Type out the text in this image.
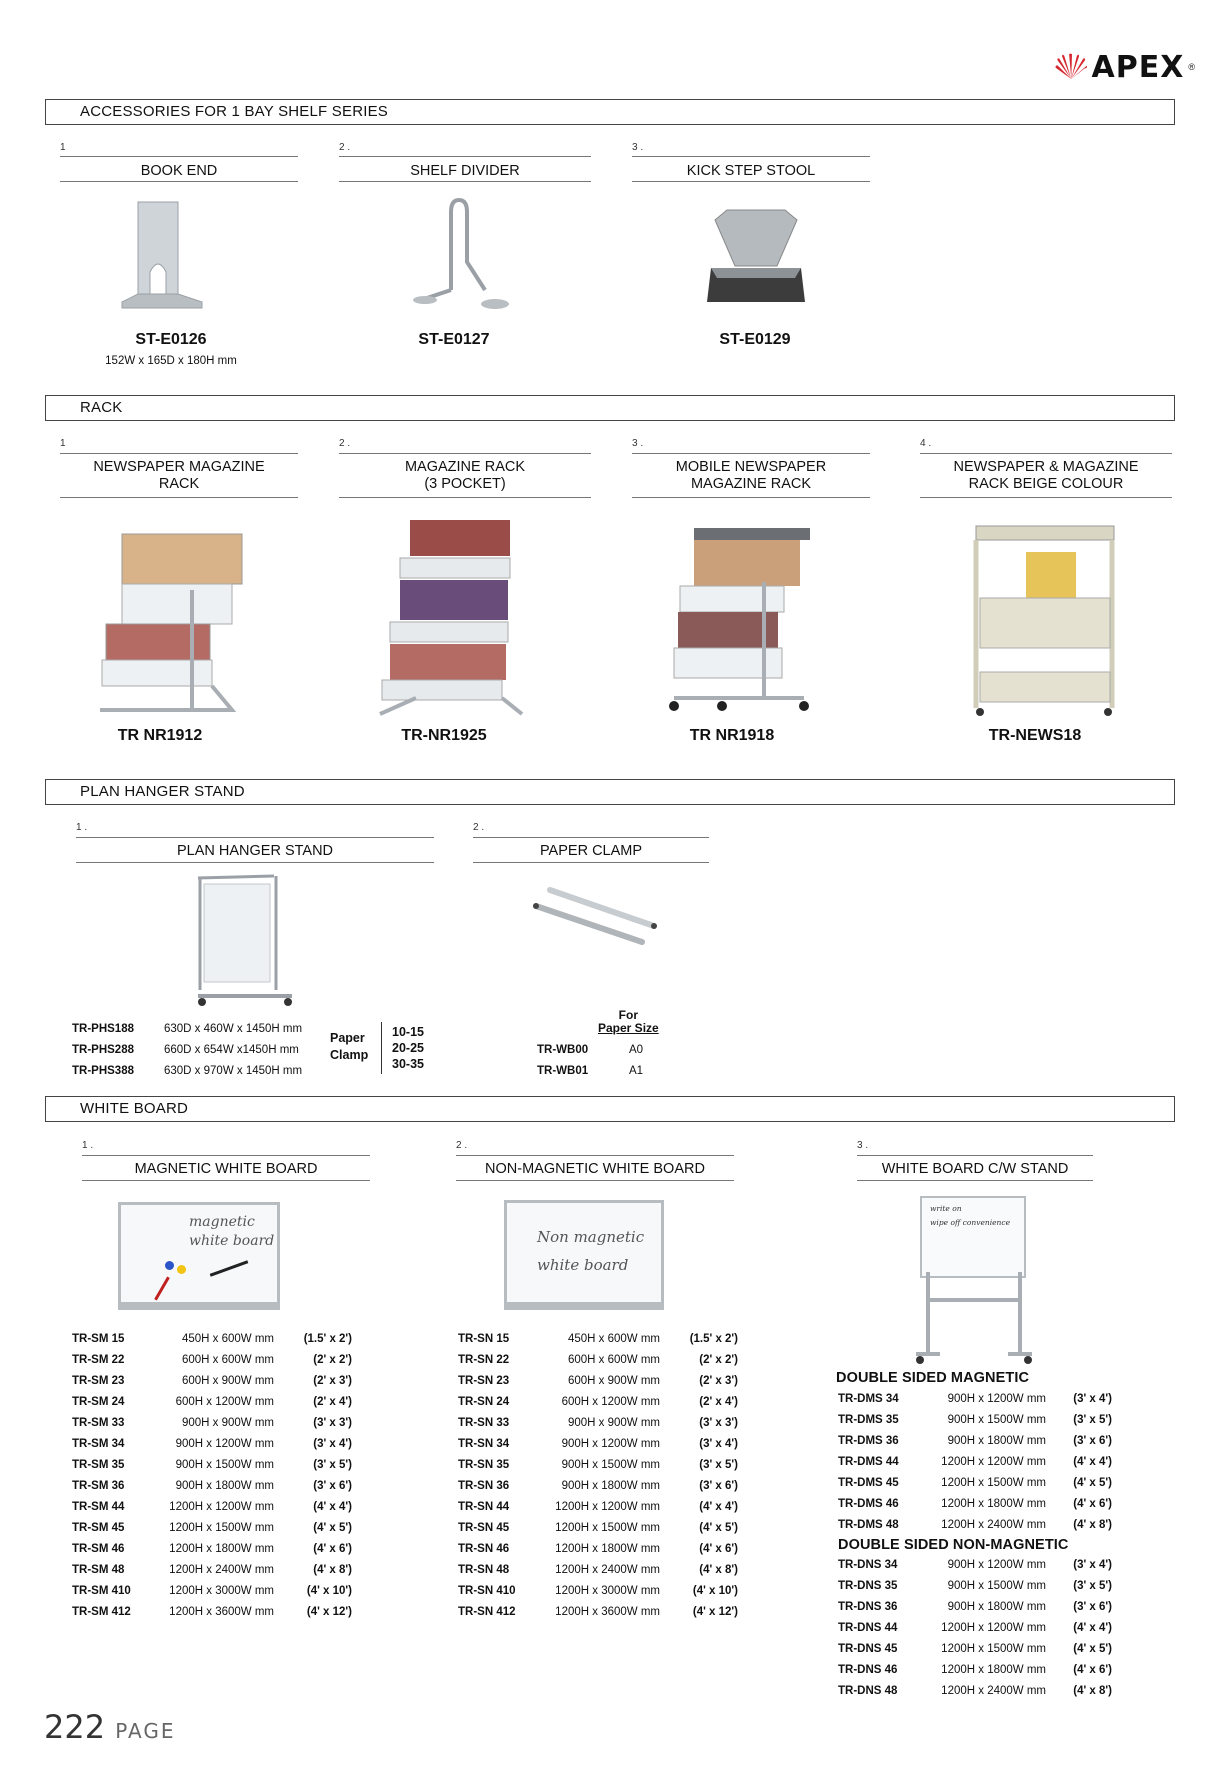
APEX ®
ACCESSORIES FOR 1 BAY SHELF SERIES
1
BOOK END
ST-E0126
152W x 165D x 180H mm
2 .
SHELF DIVIDER
ST-E0127
3 .
KICK STEP STOOL
ST-E0129
RACK
1
NEWSPAPER MAGAZINE
RACK
TR NR1912
2 .
MAGAZINE RACK
(3 POCKET)
TR-NR1925
3 .
MOBILE NEWSPAPER
MAGAZINE RACK
TR NR1918
4 .
NEWSPAPER & MAGAZINE
RACK BEIGE COLOUR
TR-NEWS18
PLAN HANGER STAND
1 .
PLAN HANGER STAND
TR-PHS188	630D x 460W x 1450H mm
TR-PHS288	660D x 654W x1450H mm
TR-PHS388	630D x 970W x 1450H mm
Paper
Clamp
10-15
20-25
30-35
2 .
PAPER CLAMP
For
Paper Size
TR-WB00	A0
TR-WB01	A1
WHITE BOARD
1 .
MAGNETIC WHITE BOARD
magnetic
white board
TR-SM 15	450H x 600W mm	(1.5' x 2')
TR-SM 22	600H x 600W mm	(2' x 2')
TR-SM 23	600H x 900W mm	(2' x 3')
TR-SM 24	600H x 1200W mm	(2' x 4')
TR-SM 33	900H x 900W mm	(3' x 3')
TR-SM 34	900H x 1200W mm	(3' x 4')
TR-SM 35	900H x 1500W mm	(3' x 5')
TR-SM 36	900H x 1800W mm	(3' x 6')
TR-SM 44	1200H x 1200W mm	(4' x 4')
TR-SM 45	1200H x 1500W mm	(4' x 5')
TR-SM 46	1200H x 1800W mm	(4' x 6')
TR-SM 48	1200H x 2400W mm	(4' x 8')
TR-SM 410	1200H x 3000W mm	(4' x 10')
TR-SM 412	1200H x 3600W mm	(4' x 12')
2 .
NON-MAGNETIC WHITE BOARD
Non magnetic
white board
TR-SN 15	450H x 600W mm	(1.5' x 2')
TR-SN 22	600H x 600W mm	(2' x 2')
TR-SN 23	600H x 900W mm	(2' x 3')
TR-SN 24	600H x 1200W mm	(2' x 4')
TR-SN 33	900H x 900W mm	(3' x 3')
TR-SN 34	900H x 1200W mm	(3' x 4')
TR-SN 35	900H x 1500W mm	(3' x 5')
TR-SN 36	900H x 1800W mm	(3' x 6')
TR-SN 44	1200H x 1200W mm	(4' x 4')
TR-SN 45	1200H x 1500W mm	(4' x 5')
TR-SN 46	1200H x 1800W mm	(4' x 6')
TR-SN 48	1200H x 2400W mm	(4' x 8')
TR-SN 410	1200H x 3000W mm	(4' x 10')
TR-SN 412	1200H x 3600W mm	(4' x 12')
3 .
WHITE BOARD C/W STAND
write on
wipe off convenience
DOUBLE SIDED MAGNETIC
TR-DMS 34	900H x 1200W mm	(3' x 4')
TR-DMS 35	900H x 1500W mm	(3' x 5')
TR-DMS 36	900H x 1800W mm	(3' x 6')
TR-DMS 44	1200H x 1200W mm	(4' x 4')
TR-DMS 45	1200H x 1500W mm	(4' x 5')
TR-DMS 46	1200H x 1800W mm	(4' x 6')
TR-DMS 48	1200H x 2400W mm	(4' x 8')
DOUBLE SIDED NON-MAGNETIC
TR-DNS 34	900H x 1200W mm	(3' x 4')
TR-DNS 35	900H x 1500W mm	(3' x 5')
TR-DNS 36	900H x 1800W mm	(3' x 6')
TR-DNS 44	1200H x 1200W mm	(4' x 4')
TR-DNS 45	1200H x 1500W mm	(4' x 5')
TR-DNS 46	1200H x 1800W mm	(4' x 6')
TR-DNS 48	1200H x 2400W mm	(4' x 8')
222 PAGE
